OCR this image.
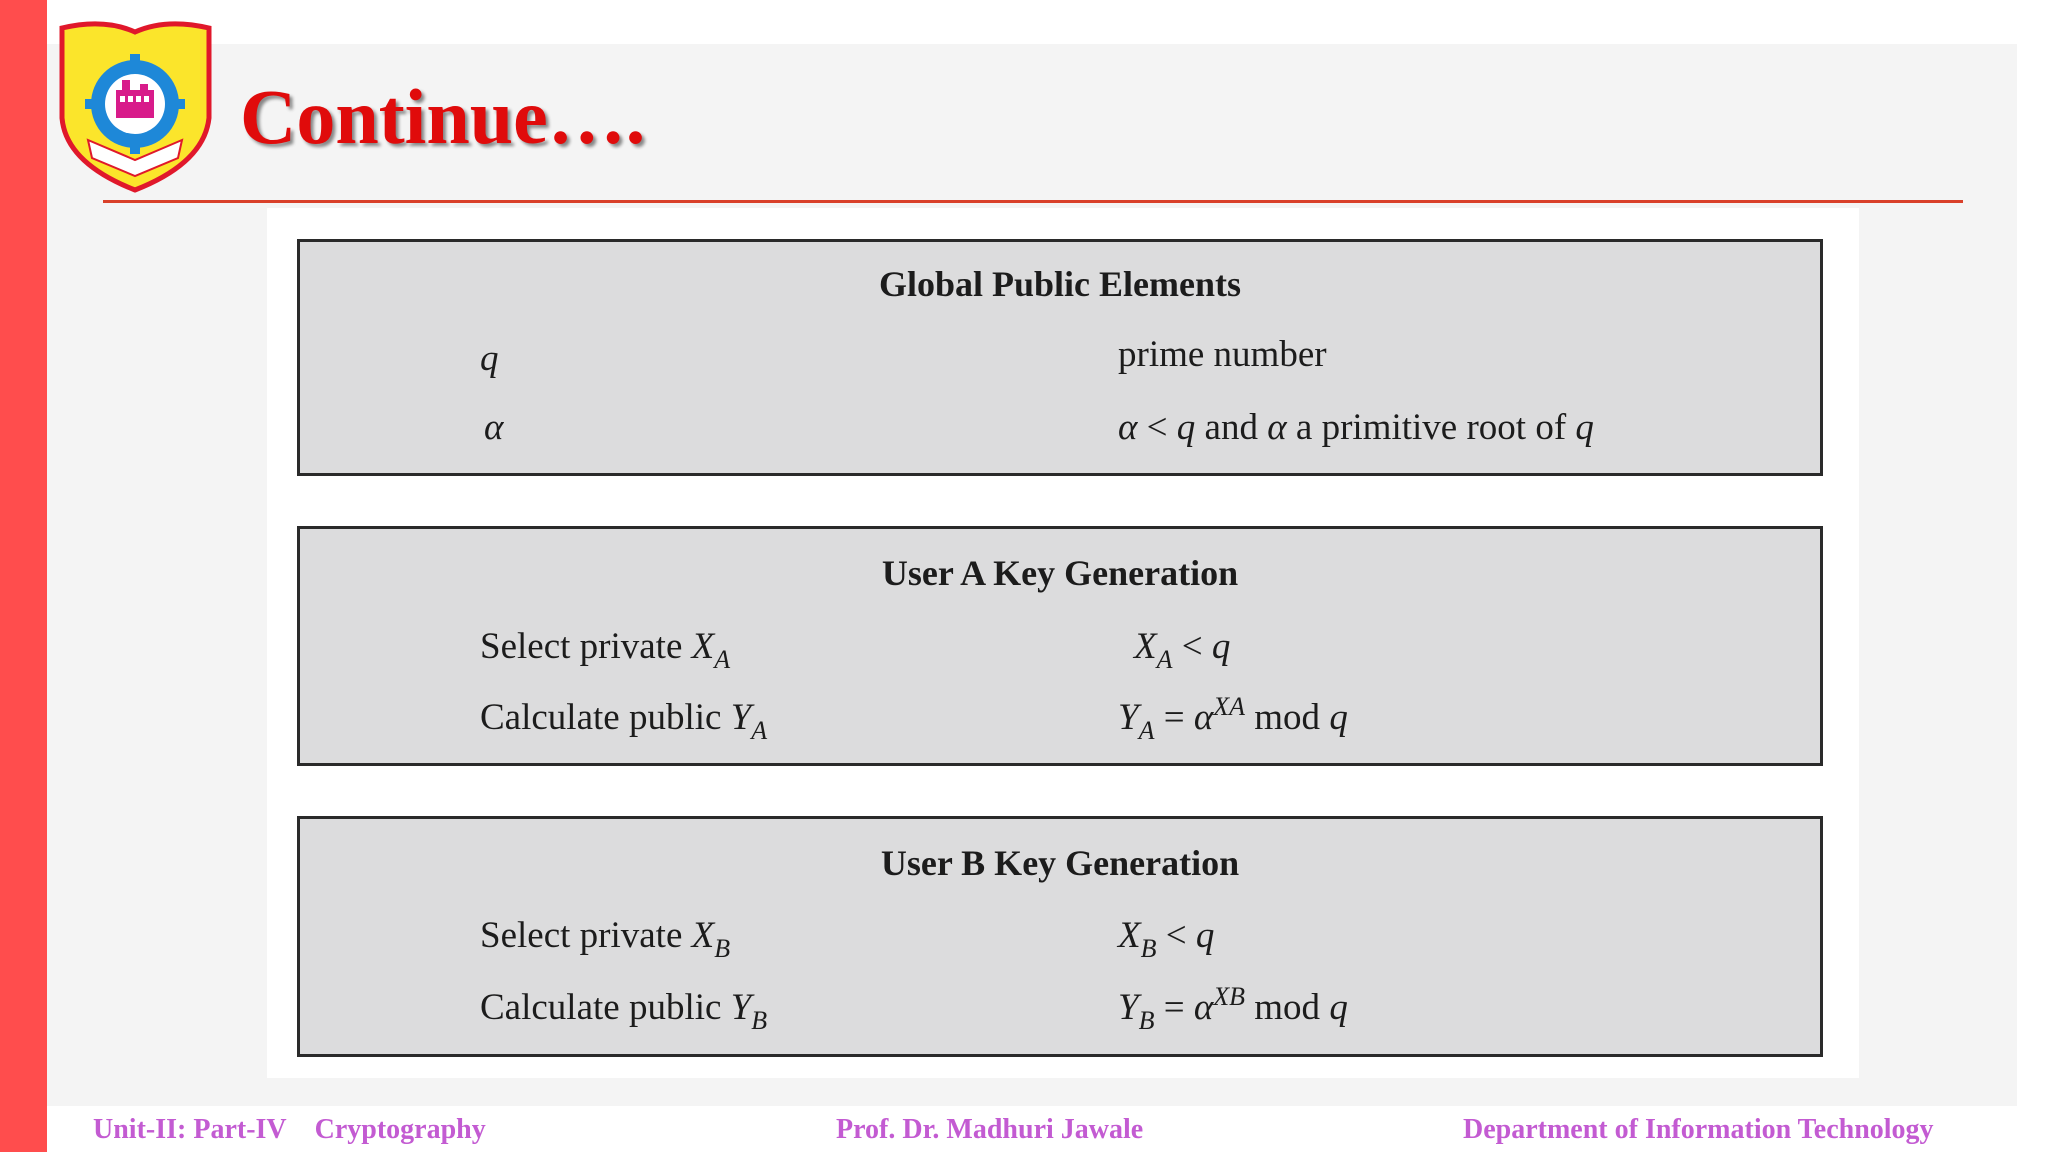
Continue….
Global Public Elements
q	prime number
α	α < q and α a primitive root of q
User A Key Generation
Select private $X_A$	$X_A < q$
Calculate public $Y_A$	$Y_A = \alpha^{XA}$ mod q
User B Key Generation
Select private $X_B$	$X_B < q$
Calculate public $Y_B$	$Y_B = \alpha^{XB}$ mod q
Unit-II: Part-IV Cryptography	Prof. Dr. Madhuri Jawale	Department of Information Technology
